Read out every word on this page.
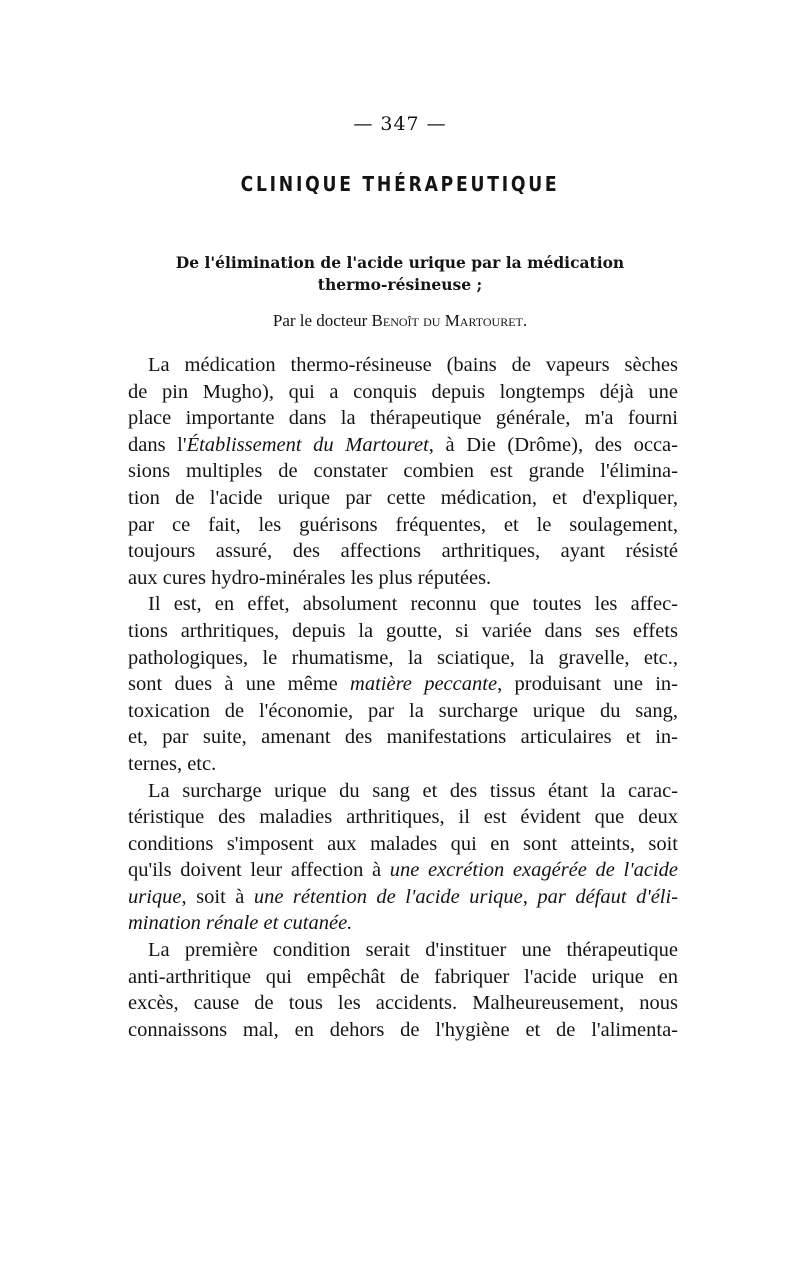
— 347 —
CLINIQUE THÉRAPEUTIQUE
De l'élimination de l'acide urique par la médication
thermo-résineuse ;
Par le docteur Benoît du Martouret.
La médication thermo-résineuse (bains de vapeurs sèches
de pin Mugho), qui a conquis depuis longtemps déjà une
place importante dans la thérapeutique générale, m'a fourni
dans l'Établissement du Martouret, à Die (Drôme), des occa-
sions multiples de constater combien est grande l'élimina-
tion de l'acide urique par cette médication, et d'expliquer,
par ce fait, les guérisons fréquentes, et le soulagement,
toujours assuré, des affections arthritiques, ayant résisté
aux cures hydro-minérales les plus réputées.
Il est, en effet, absolument reconnu que toutes les affec-
tions arthritiques, depuis la goutte, si variée dans ses effets
pathologiques, le rhumatisme, la sciatique, la gravelle, etc.,
sont dues à une même matière peccante, produisant une in-
toxication de l'économie, par la surcharge urique du sang,
et, par suite, amenant des manifestations articulaires et in-
ternes, etc.
La surcharge urique du sang et des tissus étant la carac-
téristique des maladies arthritiques, il est évident que deux
conditions s'imposent aux malades qui en sont atteints, soit
qu'ils doivent leur affection à une excrétion exagérée de l'acide
urique, soit à une rétention de l'acide urique, par défaut d'éli-
mination rénale et cutanée.
La première condition serait d'instituer une thérapeutique
anti-arthritique qui empêchât de fabriquer l'acide urique en
excès, cause de tous les accidents. Malheureusement, nous
connaissons mal, en dehors de l'hygiène et de l'alimenta-
